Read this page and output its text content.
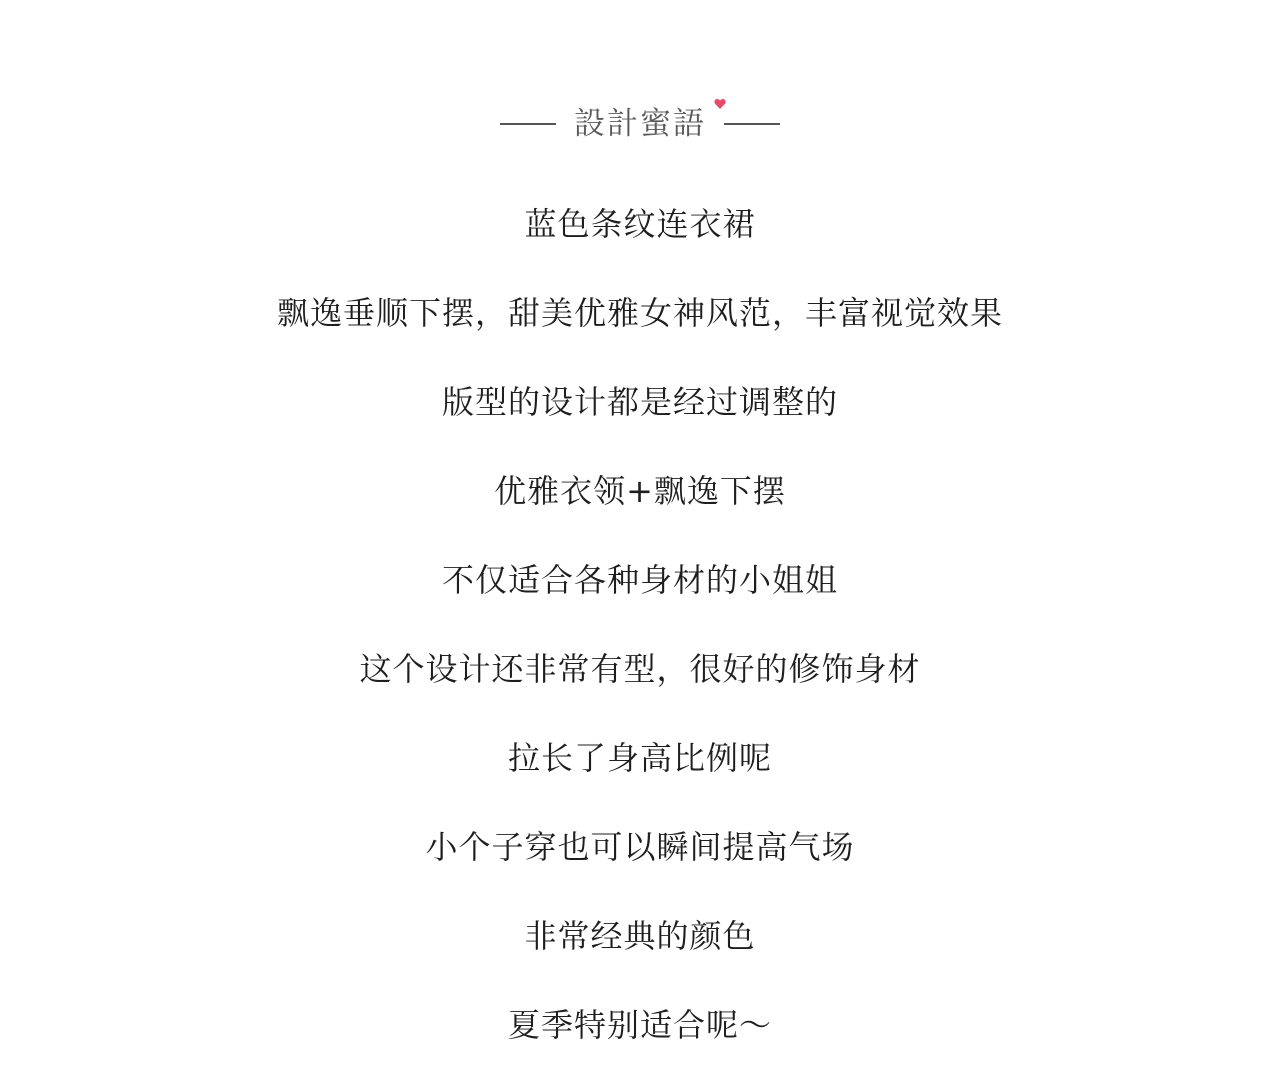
設計蜜語
蓝色条纹连衣裙
飘逸垂顺下摆，甜美优雅女神风范，丰富视觉效果
版型的设计都是经过调整的
优雅衣领+飘逸下摆
不仅适合各种身材的小姐姐
这个设计还非常有型，很好的修饰身材
拉长了身高比例呢
小个子穿也可以瞬间提高气场
非常经典的颜色
夏季特别适合呢～
